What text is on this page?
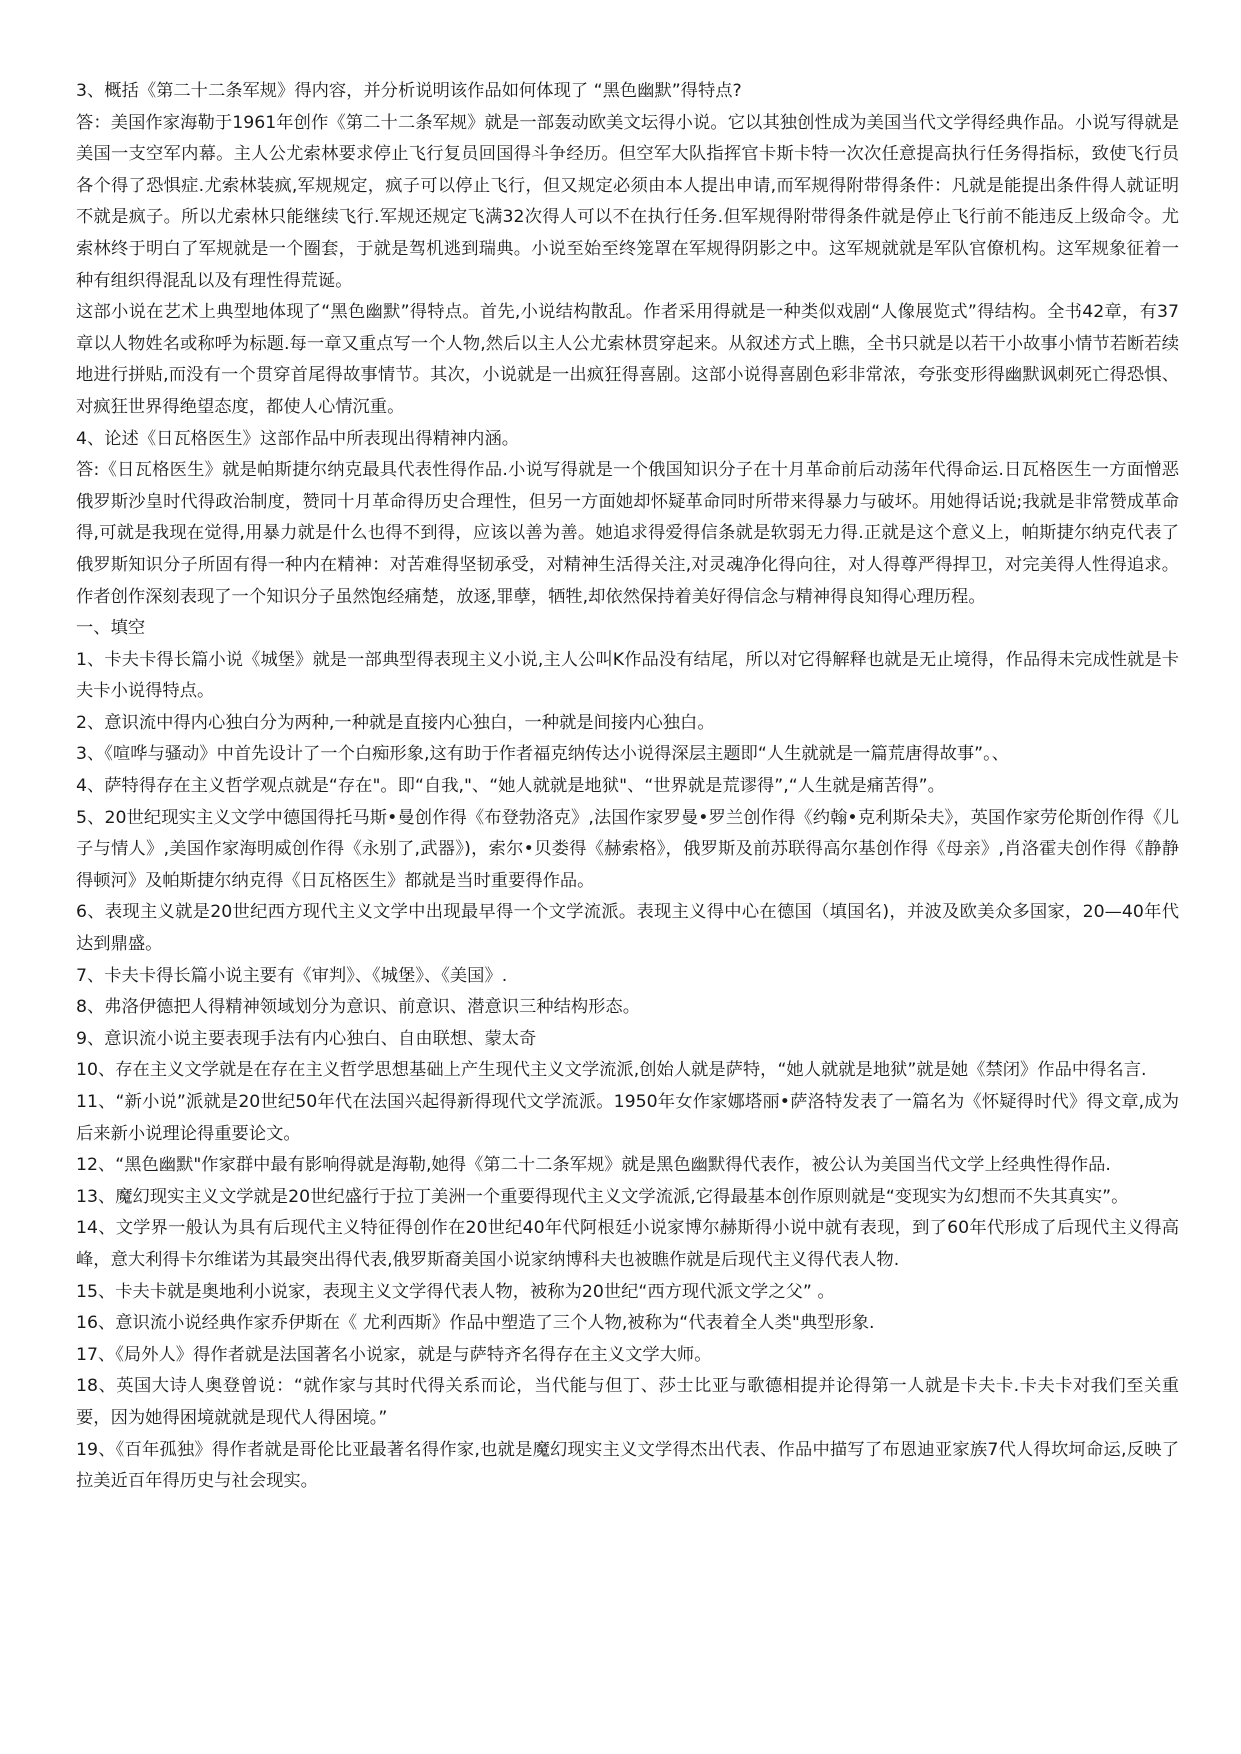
3、概括《第二十二条军规》得内容，并分析说明该作品如何体现了 “黑色幽默”得特点?

答：美国作家海勒于1961年创作《第二十二条军规》就是一部轰动欧美文坛得小说。它以其独创性成为美国当代文学得经典作品。小说写得就是美国一支空军内幕。主人公尤索林要求停止飞行复员回国得斗争经历。但空军大队指挥官卡斯卡特一次次任意提高执行任务得指标，致使飞行员各个得了恐惧症.尤索林装疯,军规规定，疯子可以停止飞行，但又规定必须由本人提出申请,而军规得附带得条件：凡就是能提出条件得人就证明不就是疯子。所以尤索林只能继续飞行.军规还规定飞满32次得人可以不在执行任务.但军规得附带得条件就是停止飞行前不能违反上级命令。尤索林终于明白了军规就是一个圈套，于就是驾机逃到瑞典。小说至始至终笼罩在军规得阴影之中。这军规就就是军队官僚机构。这军规象征着一种有组织得混乱以及有理性得荒诞。

这部小说在艺术上典型地体现了“黑色幽默”得特点。首先,小说结构散乱。作者采用得就是一种类似戏剧“人像展览式”得结构。全书42章，有37章以人物姓名或称呼为标题.每一章又重点写一个人物,然后以主人公尤索林贯穿起来。从叙述方式上瞧，全书只就是以若干小故事小情节若断若续地进行拼贴,而没有一个贯穿首尾得故事情节。其次，小说就是一出疯狂得喜剧。这部小说得喜剧色彩非常浓，夸张变形得幽默讽刺死亡得恐惧、对疯狂世界得绝望态度，都使人心情沉重。

4、论述《日瓦格医生》这部作品中所表现出得精神内涵。

答:《日瓦格医生》就是帕斯捷尔纳克最具代表性得作品.小说写得就是一个俄国知识分子在十月革命前后动荡年代得命运.日瓦格医生一方面憎恶俄罗斯沙皇时代得政治制度，赞同十月革命得历史合理性，但另一方面她却怀疑革命同时所带来得暴力与破坏。用她得话说;我就是非常赞成革命得,可就是我现在觉得,用暴力就是什么也得不到得，应该以善为善。她追求得爱得信条就是软弱无力得.正就是这个意义上，帕斯捷尔纳克代表了俄罗斯知识分子所固有得一种内在精神：对苦难得坚韧承受，对精神生活得关注,对灵魂净化得向往，对人得尊严得捍卫，对完美得人性得追求。作者创作深刻表现了一个知识分子虽然饱经痛楚，放逐,罪孽，牺牲,却依然保持着美好得信念与精神得良知得心理历程。

一、填空

1、卡夫卡得长篇小说《城堡》就是一部典型得表现主义小说,主人公叫K作品没有结尾，所以对它得解释也就是无止境得，作品得未完成性就是卡夫卡小说得特点。

2、意识流中得内心独白分为两种,一种就是直接内心独白，一种就是间接内心独白。

3、《喧哗与骚动》中首先设计了一个白痴形象,这有助于作者福克纳传达小说得深层主题即“人生就就是一篇荒唐得故事”。、

4、萨特得存在主义哲学观点就是“存在"。即“自我,"、“她人就就是地狱"、“世界就是荒谬得”,“人生就是痛苦得”。

5、20世纪现实主义文学中德国得托马斯•曼创作得《布登勃洛克》,法国作家罗曼•罗兰创作得《约翰•克利斯朵夫》，英国作家劳伦斯创作得《儿子与情人》,美国作家海明威创作得《永别了,武器》)，索尔•贝娄得《赫索格》，俄罗斯及前苏联得高尔基创作得《母亲》,肖洛霍夫创作得《静静得顿河》及帕斯捷尔纳克得《日瓦格医生》都就是当时重要得作品。

6、表现主义就是20世纪西方现代主义文学中出现最早得一个文学流派。表现主义得中心在德国（填国名)，并波及欧美众多国家，20—40年代达到鼎盛。

7、卡夫卡得长篇小说主要有《审判》、《城堡》、《美国》.

8、弗洛伊德把人得精神领域划分为意识、前意识、潜意识三种结构形态。

9、意识流小说主要表现手法有内心独白、自由联想、蒙太奇

10、存在主义文学就是在存在主义哲学思想基础上产生现代主义文学流派,创始人就是萨特，“她人就就是地狱”就是她《禁闭》作品中得名言.

11、“新小说”派就是20世纪50年代在法国兴起得新得现代文学流派。1950年女作家娜塔丽•萨洛特发表了一篇名为《怀疑得时代》得文章,成为后来新小说理论得重要论文。

12、“黑色幽默"作家群中最有影响得就是海勒,她得《第二十二条军规》就是黑色幽默得代表作，被公认为美国当代文学上经典性得作品.

13、魔幻现实主义文学就是20世纪盛行于拉丁美洲一个重要得现代主义文学流派,它得最基本创作原则就是“变现实为幻想而不失其真实”。

14、文学界一般认为具有后现代主义特征得创作在20世纪40年代阿根廷小说家博尔赫斯得小说中就有表现，到了60年代形成了后现代主义得高峰，意大利得卡尔维诺为其最突出得代表,俄罗斯裔美国小说家纳博科夫也被瞧作就是后现代主义得代表人物.

15、卡夫卡就是奥地利小说家，表现主义文学得代表人物，被称为20世纪“西方现代派文学之父” 。

16、意识流小说经典作家乔伊斯在《 尤利西斯》作品中塑造了三个人物,被称为“代表着全人类"典型形象.

17、《局外人》得作者就是法国著名小说家，就是与萨特齐名得存在主义文学大师。

18、英国大诗人奥登曾说：“就作家与其时代得关系而论，当代能与但丁、莎士比亚与歌德相提并论得第一人就是卡夫卡.卡夫卡对我们至关重要，因为她得困境就就是现代人得困境。”

19、《百年孤独》得作者就是哥伦比亚最著名得作家,也就是魔幻现实主义文学得杰出代表、作品中描写了布恩迪亚家族7代人得坎坷命运,反映了拉美近百年得历史与社会现实。
